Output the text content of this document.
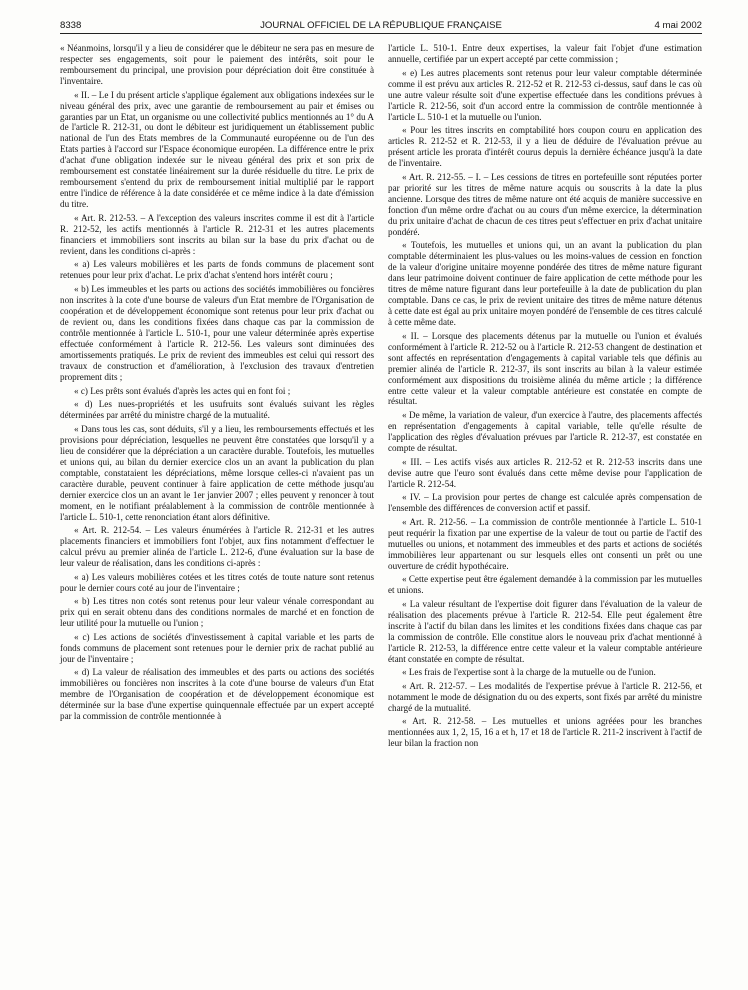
8338	JOURNAL OFFICIEL DE LA RÉPUBLIQUE FRANÇAISE	4 mai 2002

« Néanmoins, lorsqu'il y a lieu de considérer que le débiteur ne sera pas en mesure de respecter ses engagements, soit pour le paiement des intérêts, soit pour le remboursement du principal, une provision pour dépréciation doit être constituée à l'inventaire.

« II. – Le I du présent article s'applique également aux obligations indexées sur le niveau général des prix, avec une garantie de remboursement au pair et émises ou garanties par un Etat, un organisme ou une collectivité publics mentionnés au 1° du A de l'article R. 212-31, ou dont le débiteur est juridiquement un établissement public national de l'un des Etats membres de la Communauté européenne ou de l'un des Etats parties à l'accord sur l'Espace économique européen. La différence entre le prix d'achat d'une obligation indexée sur le niveau général des prix et son prix de remboursement est constatée linéairement sur la durée résiduelle du titre. Le prix de remboursement s'entend du prix de remboursement initial multiplié par le rapport entre l'indice de référence à la date considérée et ce même indice à la date d'émission du titre.

« Art. R. 212-53. – A l'exception des valeurs inscrites comme il est dit à l'article R. 212-52, les actifs mentionnés à l'article R. 212-31 et les autres placements financiers et immobiliers sont inscrits au bilan sur la base du prix d'achat ou de revient, dans les conditions ci-après :

« a) Les valeurs mobilières et les parts de fonds communs de placement sont retenues pour leur prix d'achat. Le prix d'achat s'entend hors intérêt couru ;

« b) Les immeubles et les parts ou actions des sociétés immobilières ou foncières non inscrites à la cote d'une bourse de valeurs d'un Etat membre de l'Organisation de coopération et de développement économique sont retenus pour leur prix d'achat ou de revient ou, dans les conditions fixées dans chaque cas par la commission de contrôle mentionnée à l'article L. 510-1, pour une valeur déterminée après expertise effectuée conformément à l'article R. 212-56. Les valeurs sont diminuées des amortissements pratiqués. Le prix de revient des immeubles est celui qui ressort des travaux de construction et d'amélioration, à l'exclusion des travaux d'entretien proprement dits ;

« c) Les prêts sont évalués d'après les actes qui en font foi ;

« d) Les nues-propriétés et les usufruits sont évalués suivant les règles déterminées par arrêté du ministre chargé de la mutualité.

« Dans tous les cas, sont déduits, s'il y a lieu, les remboursements effectués et les provisions pour dépréciation, lesquelles ne peuvent être constatées que lorsqu'il y a lieu de considérer que la dépréciation a un caractère durable. Toutefois, les mutuelles et unions qui, au bilan du dernier exercice clos un an avant la publication du plan comptable, constataient les dépréciations, même lorsque celles-ci n'avaient pas un caractère durable, peuvent continuer à faire application de cette méthode jusqu'au dernier exercice clos un an avant le 1er janvier 2007 ; elles peuvent y renoncer à tout moment, en le notifiant préalablement à la commission de contrôle mentionnée à l'article L. 510-1, cette renonciation étant alors définitive.

« Art. R. 212-54. – Les valeurs énumérées à l'article R. 212-31 et les autres placements financiers et immobiliers font l'objet, aux fins notamment d'effectuer le calcul prévu au premier alinéa de l'article L. 212-6, d'une évaluation sur la base de leur valeur de réalisation, dans les conditions ci-après :

« a) Les valeurs mobilières cotées et les titres cotés de toute nature sont retenus pour le dernier cours coté au jour de l'inventaire ;

« b) Les titres non cotés sont retenus pour leur valeur vénale correspondant au prix qui en serait obtenu dans des conditions normales de marché et en fonction de leur utilité pour la mutuelle ou l'union ;

« c) Les actions de sociétés d'investissement à capital variable et les parts de fonds communs de placement sont retenues pour le dernier prix de rachat publié au jour de l'inventaire ;

« d) La valeur de réalisation des immeubles et des parts ou actions des sociétés immobilières ou foncières non inscrites à la cote d'une bourse de valeurs d'un Etat membre de l'Organisation de coopération et de développement économique est déterminée sur la base d'une expertise quinquennale effectuée par un expert accepté par la commission de contrôle mentionnée à

l'article L. 510-1. Entre deux expertises, la valeur fait l'objet d'une estimation annuelle, certifiée par un expert accepté par cette commission ;

« e) Les autres placements sont retenus pour leur valeur comptable déterminée comme il est prévu aux articles R. 212-52 et R. 212-53 ci-dessus, sauf dans le cas où une autre valeur résulte soit d'une expertise effectuée dans les conditions prévues à l'article R. 212-56, soit d'un accord entre la commission de contrôle mentionnée à l'article L. 510-1 et la mutuelle ou l'union.

« Pour les titres inscrits en comptabilité hors coupon couru en application des articles R. 212-52 et R. 212-53, il y a lieu de déduire de l'évaluation prévue au présent article les prorata d'intérêt courus depuis la dernière échéance jusqu'à la date de l'inventaire.

« Art. R. 212-55. – I. – Les cessions de titres en portefeuille sont réputées porter par priorité sur les titres de même nature acquis ou souscrits à la date la plus ancienne. Lorsque des titres de même nature ont été acquis de manière successive en fonction d'un même ordre d'achat ou au cours d'un même exercice, la détermination du prix unitaire d'achat de chacun de ces titres peut s'effectuer en prix d'achat unitaire pondéré.

« Toutefois, les mutuelles et unions qui, un an avant la publication du plan comptable déterminaient les plus-values ou les moins-values de cession en fonction de la valeur d'origine unitaire moyenne pondérée des titres de même nature figurant dans leur patrimoine doivent continuer de faire application de cette méthode pour les titres de même nature figurant dans leur portefeuille à la date de publication du plan comptable. Dans ce cas, le prix de revient unitaire des titres de même nature détenus à cette date est égal au prix unitaire moyen pondéré de l'ensemble de ces titres calculé à cette même date.

« II. – Lorsque des placements détenus par la mutuelle ou l'union et évalués conformément à l'article R. 212-52 ou à l'article R. 212-53 changent de destination et sont affectés en représentation d'engagements à capital variable tels que définis au premier alinéa de l'article R. 212-37, ils sont inscrits au bilan à la valeur estimée conformément aux dispositions du troisième alinéa du même article ; la différence entre cette valeur et la valeur comptable antérieure est constatée en compte de résultat.

« De même, la variation de valeur, d'un exercice à l'autre, des placements affectés en représentation d'engagements à capital variable, telle qu'elle résulte de l'application des règles d'évaluation prévues par l'article R. 212-37, est constatée en compte de résultat.

« III. – Les actifs visés aux articles R. 212-52 et R. 212-53 inscrits dans une devise autre que l'euro sont évalués dans cette même devise pour l'application de l'article R. 212-54.

« IV. – La provision pour pertes de change est calculée après compensation de l'ensemble des différences de conversion actif et passif.

« Art. R. 212-56. – La commission de contrôle mentionnée à l'article L. 510-1 peut requérir la fixation par une expertise de la valeur de tout ou partie de l'actif des mutuelles ou unions, et notamment des immeubles et des parts et actions de sociétés immobilières leur appartenant ou sur lesquels elles ont consenti un prêt ou une ouverture de crédit hypothécaire.

« Cette expertise peut être également demandée à la commission par les mutuelles et unions.

« La valeur résultant de l'expertise doit figurer dans l'évaluation de la valeur de réalisation des placements prévue à l'article R. 212-54. Elle peut également être inscrite à l'actif du bilan dans les limites et les conditions fixées dans chaque cas par la commission de contrôle. Elle constitue alors le nouveau prix d'achat mentionné à l'article R. 212-53, la différence entre cette valeur et la valeur comptable antérieure étant constatée en compte de résultat.

« Les frais de l'expertise sont à la charge de la mutuelle ou de l'union.

« Art. R. 212-57. – Les modalités de l'expertise prévue à l'article R. 212-56, et notamment le mode de désignation du ou des experts, sont fixés par arrêté du ministre chargé de la mutualité.

« Art. R. 212-58. – Les mutuelles et unions agréées pour les branches mentionnées aux 1, 2, 15, 16 a et h, 17 et 18 de l'article R. 211-2 inscrivent à l'actif de leur bilan la fraction non
